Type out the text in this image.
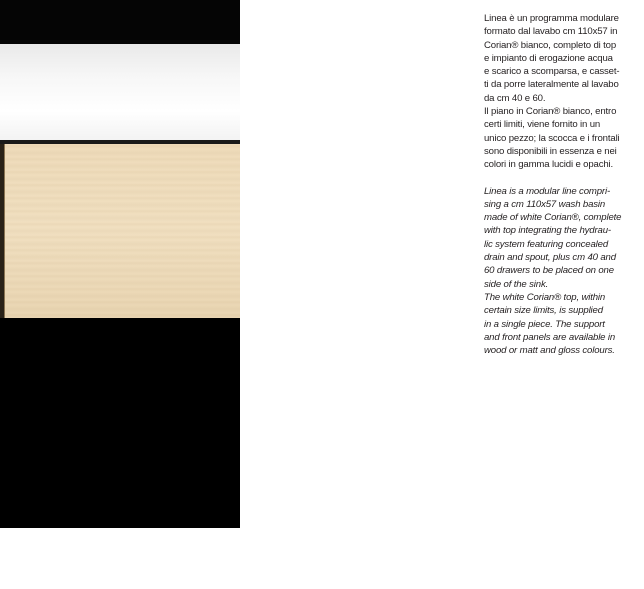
Linea è un programma modulare
formato dal lavabo cm 110x57 in
Corian® bianco, completo di top
e impianto di erogazione acqua
e scarico a scomparsa, e casset-
ti da porre lateralmente al lavabo
da cm 40 e 60.

Il piano in Corian® bianco, entro
certi limiti, viene fornito in un
unico pezzo; la scocca e i frontali
sono disponibili in essenza e nei
colori in gamma lucidi e opachi.

Linea is a modular line compri-
sing a cm 110x57 wash basin
made of white Corian®, complete
with top integrating the hydrau-
lic system featuring concealed
drain and spout, plus cm 40 and
60 drawers to be placed on one
side of the sink.

The white Corian® top, within
certain size limits, is supplied
in a single piece. The support
and front panels are available in
wood or matt and gloss colours.
